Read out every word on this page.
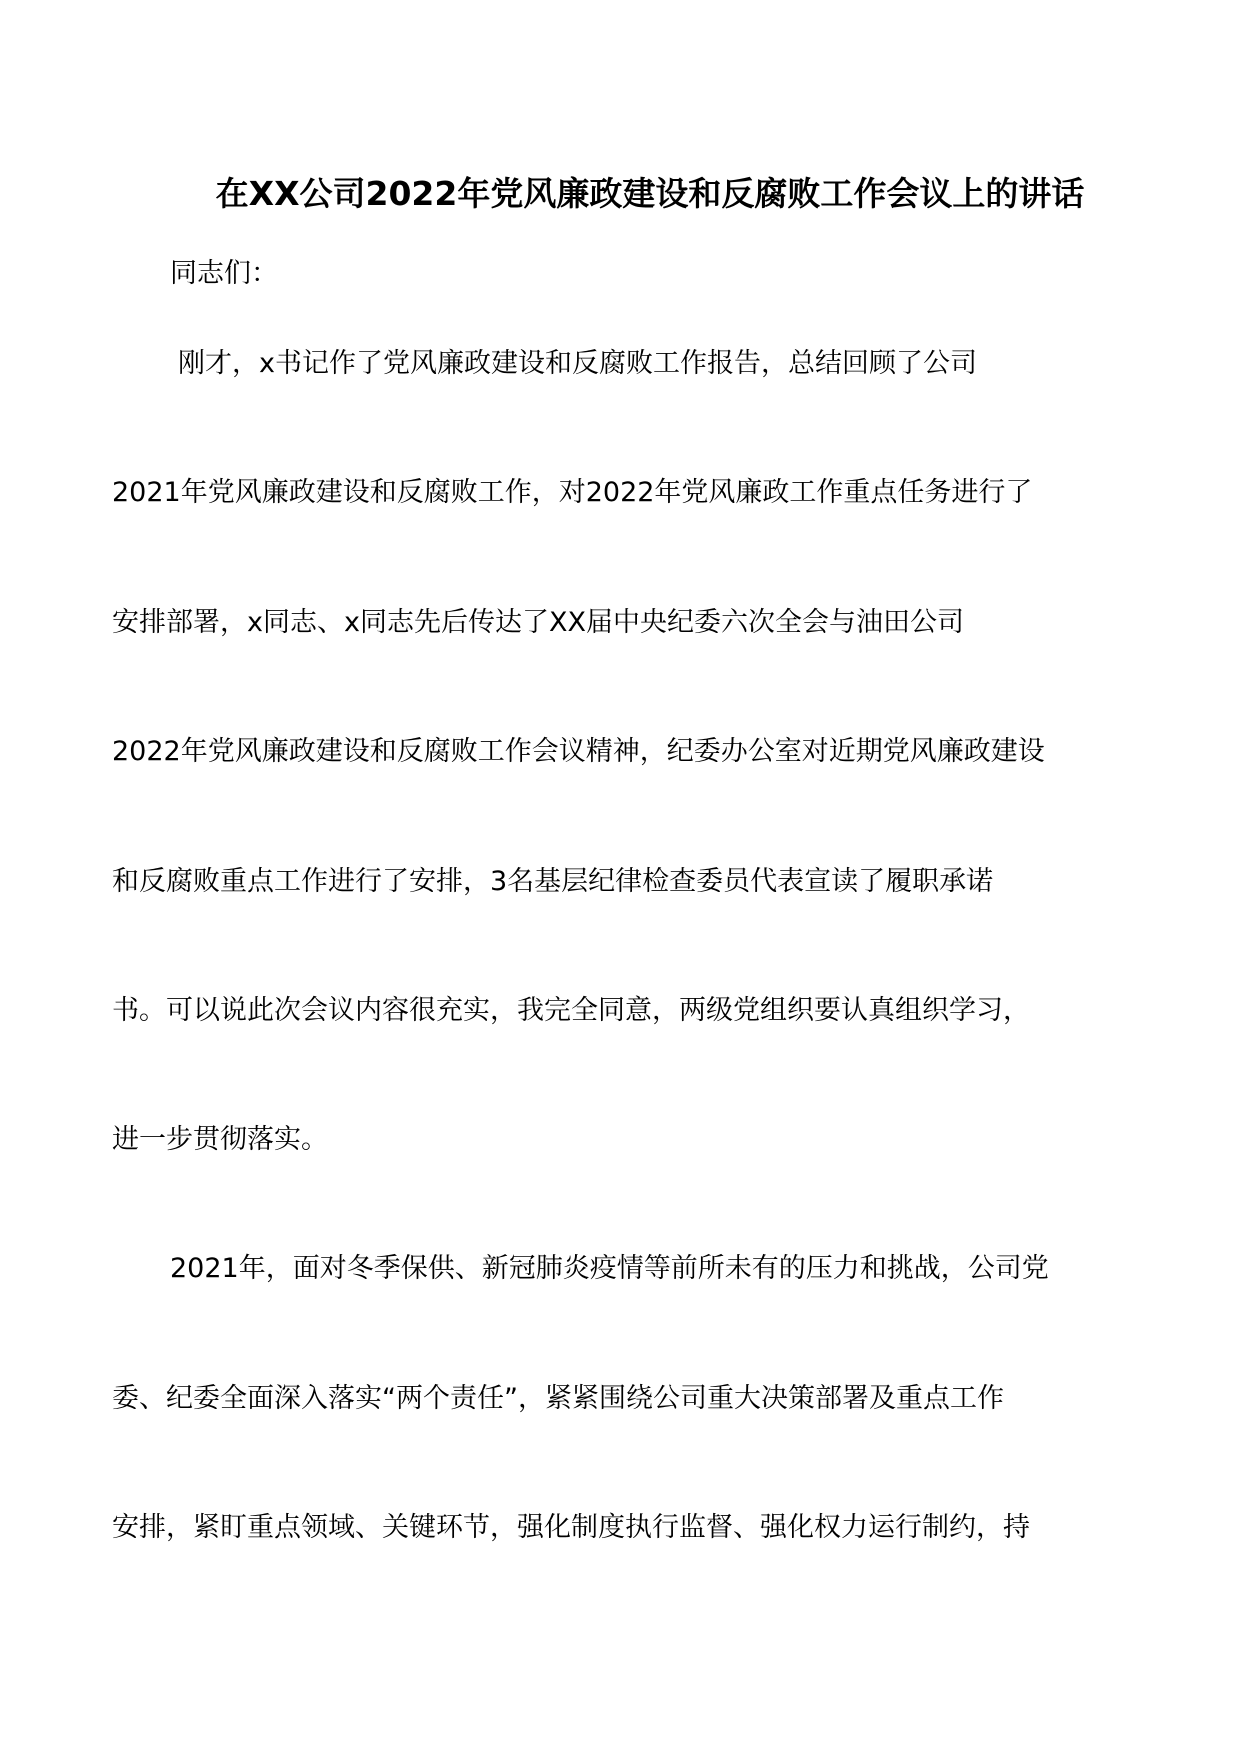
在XX公司2022年党风廉政建设和反腐败工作会议上的讲话
同志们：
刚才，x书记作了党风廉政建设和反腐败工作报告，总结回顾了公司
2021年党风廉政建设和反腐败工作，对2022年党风廉政工作重点任务进行了
安排部署，x同志、x同志先后传达了XX届中央纪委六次全会与油田公司
2022年党风廉政建设和反腐败工作会议精神，纪委办公室对近期党风廉政建设
和反腐败重点工作进行了安排，3名基层纪律检查委员代表宣读了履职承诺
书。可以说此次会议内容很充实，我完全同意，两级党组织要认真组织学习，
进一步贯彻落实。
2021年，面对冬季保供、新冠肺炎疫情等前所未有的压力和挑战，公司党
委、纪委全面深入落实“两个责任”，紧紧围绕公司重大决策部署及重点工作
安排，紧盯重点领域、关键环节，强化制度执行监督、强化权力运行制约，持
